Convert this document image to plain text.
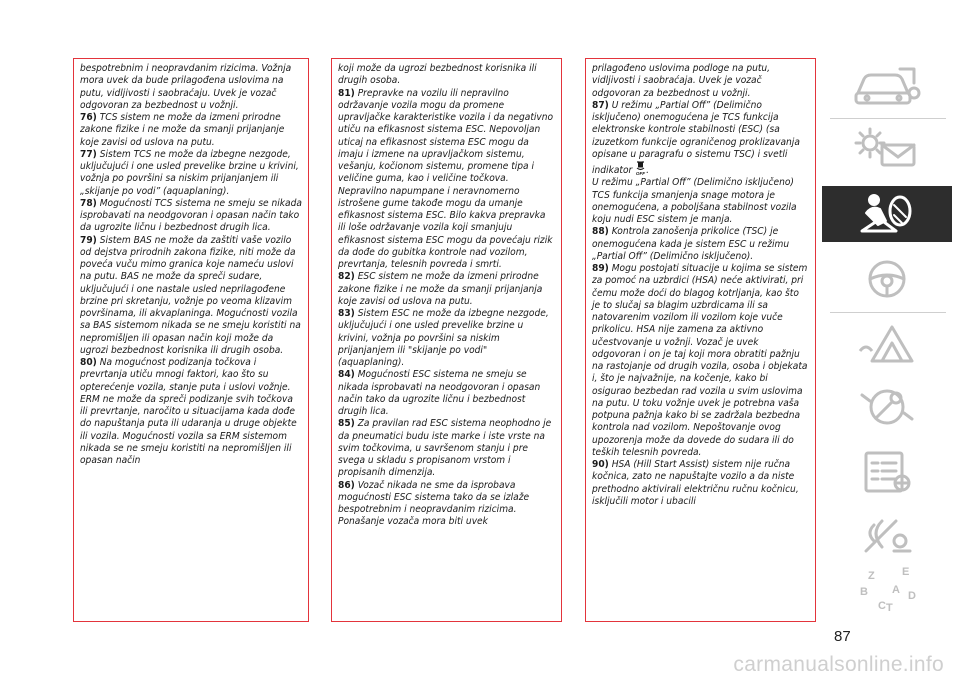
bespotrebnim i neopravdanim rizicima. Vožnja mora uvek da bude prilagođena uslovima na putu, vidljivosti i saobraćaju. Uvek je vozač odgovoran za bezbednost u vožnji.
76) TCS sistem ne može da izmeni prirodne zakone fizike i ne može da smanji prijanjanje koje zavisi od uslova na putu.
77) Sistem TCS ne može da izbegne nezgode, uključujući i one usled prevelike brzine u krivini, vožnja po površini sa niskim prijanjanjem ili „skijanje po vodi” (aquaplaning).
78) Mogućnosti TCS sistema ne smeju se nikada isprobavati na neodgovoran i opasan način tako da ugrozite ličnu i bezbednost drugih lica.
79) Sistem BAS ne može da zaštiti vaše vozilo od dejstva prirodnih zakona fizike, niti može da poveća vuču mimo granica koje nameću uslovi na putu. BAS ne može da spreči sudare, uključujući i one nastale usled neprilagođene brzine pri skretanju, vožnje po veoma klizavim površinama, ili akvaplaninga. Mogućnosti vozila sa BAS sistemom nikada se ne smeju koristiti na nepromišljen ili opasan način koji može da ugrozi bezbednost korisnika ili drugih osoba.
80) Na mogućnost podizanja točkova i prevrtanja utiču mnogi faktori, kao što su opterećenje vozila, stanje puta i uslovi vožnje. ERM ne može da spreči podizanje svih točkova ili prevrtanje, naročito u situacijama kada dođe do napuštanja puta ili udaranja u druge objekte ili vozila. Mogućnosti vozila sa ERM sistemom nikada se ne smeju koristiti na nepromišljen ili opasan način
koji može da ugrozi bezbednost korisnika ili drugih osoba.
81) Prepravke na vozilu ili nepravilno održavanje vozila mogu da promene upravljačke karakteristike vozila i da negativno utiču na efikasnost sistema ESC. Nepovoljan uticaj na efikasnost sistema ESC mogu da imaju i izmene na upravljačkom sistemu, vešanju, kočionom sistemu, promene tipa i veličine guma, kao i veličine točkova. Nepravilno napumpane i neravnomerno istrošene gume takođe mogu da umanje efikasnost sistema ESC. Bilo kakva prepravka ili loše održavanje vozila koji smanjuju efikasnost sistema ESC mogu da povećaju rizik da dođe do gubitka kontrole nad vozilom, prevrtanja, telesnih povreda i smrti.
82) ESC sistem ne može da izmeni prirodne zakone fizike i ne može da smanji prijanjanja koje zavisi od uslova na putu.
83) Sistem ESC ne može da izbegne nezgode, uključujući i one usled prevelike brzine u krivini, vožnja po površini sa niskim prijanjanjem ili "skijanje po vodi" (aquaplaning).
84) Mogućnosti ESC sistema ne smeju se nikada isprobavati na neodgovoran i opasan način tako da ugrozite ličnu i bezbednost drugih lica.
85) Za pravilan rad ESC sistema neophodno je da pneumatici budu iste marke i iste vrste na svim točkovima, u savršenom stanju i pre svega u skladu s propisanom vrstom i propisanih dimenzija.
86) Vozač nikada ne sme da isprobava mogućnosti ESC sistema tako da se izlaže bespotrebnim i neopravdanim rizicima. Ponašanje vozača mora biti uvek
prilagođeno uslovima podloge na putu, vidljivosti i saobraćaja. Uvek je vozač odgovoran za bezbednost u vožnji.
87) U režimu „Partial Off” (Delimično isključeno) onemogućena je TCS funkcija elektronske kontrole stabilnosti (ESC) (sa izuzetkom funkcije ograničenog proklizavanja opisane u paragrafu o sistemu TSC) i svetli indikator OFF .
U režimu „Partial Off” (Delimično isključeno) TCS funkcija smanjenja snage motora je onemogućena, a poboljšana stabilnost vozila koju nudi ESC sistem je manja.
88) Kontrola zanošenja prikolice (TSC) je onemogućena kada je sistem ESC u režimu „Partial Off” (Delimično isključeno).
89) Mogu postojati situacije u kojima se sistem za pomoć na uzbrdici (HSA) neće aktivirati, pri čemu može doći do blagog kotrljanja, kao što je to slučaj sa blagim uzbrdicama ili sa natovarenim vozilom ili vozilom koje vuče prikolicu. HSA nije zamena za aktivno učestvovanje u vožnji. Vozač je uvek odgovoran i on je taj koji mora obratiti pažnju na rastojanje od drugih vozila, osoba i objekata i, što je najvažnije, na kočenje, kako bi osigurao bezbedan rad vozila u svim uslovima na putu. U toku vožnje uvek je potrebna vaša potpuna pažnja kako bi se zadržala bezbedna kontrola nad vozilom. Nepoštovanje ovog upozorenja može da dovede do sudara ili do teških telesnih povreda.
90) HSA (Hill Start Assist) sistem nije ručna kočnica, zato ne napuštajte vozilo a da niste prethodno aktivirali električnu ručnu kočnicu, isključili motor i ubacili
Z E
B A
C
D
T
87
carmanualsonline.info
